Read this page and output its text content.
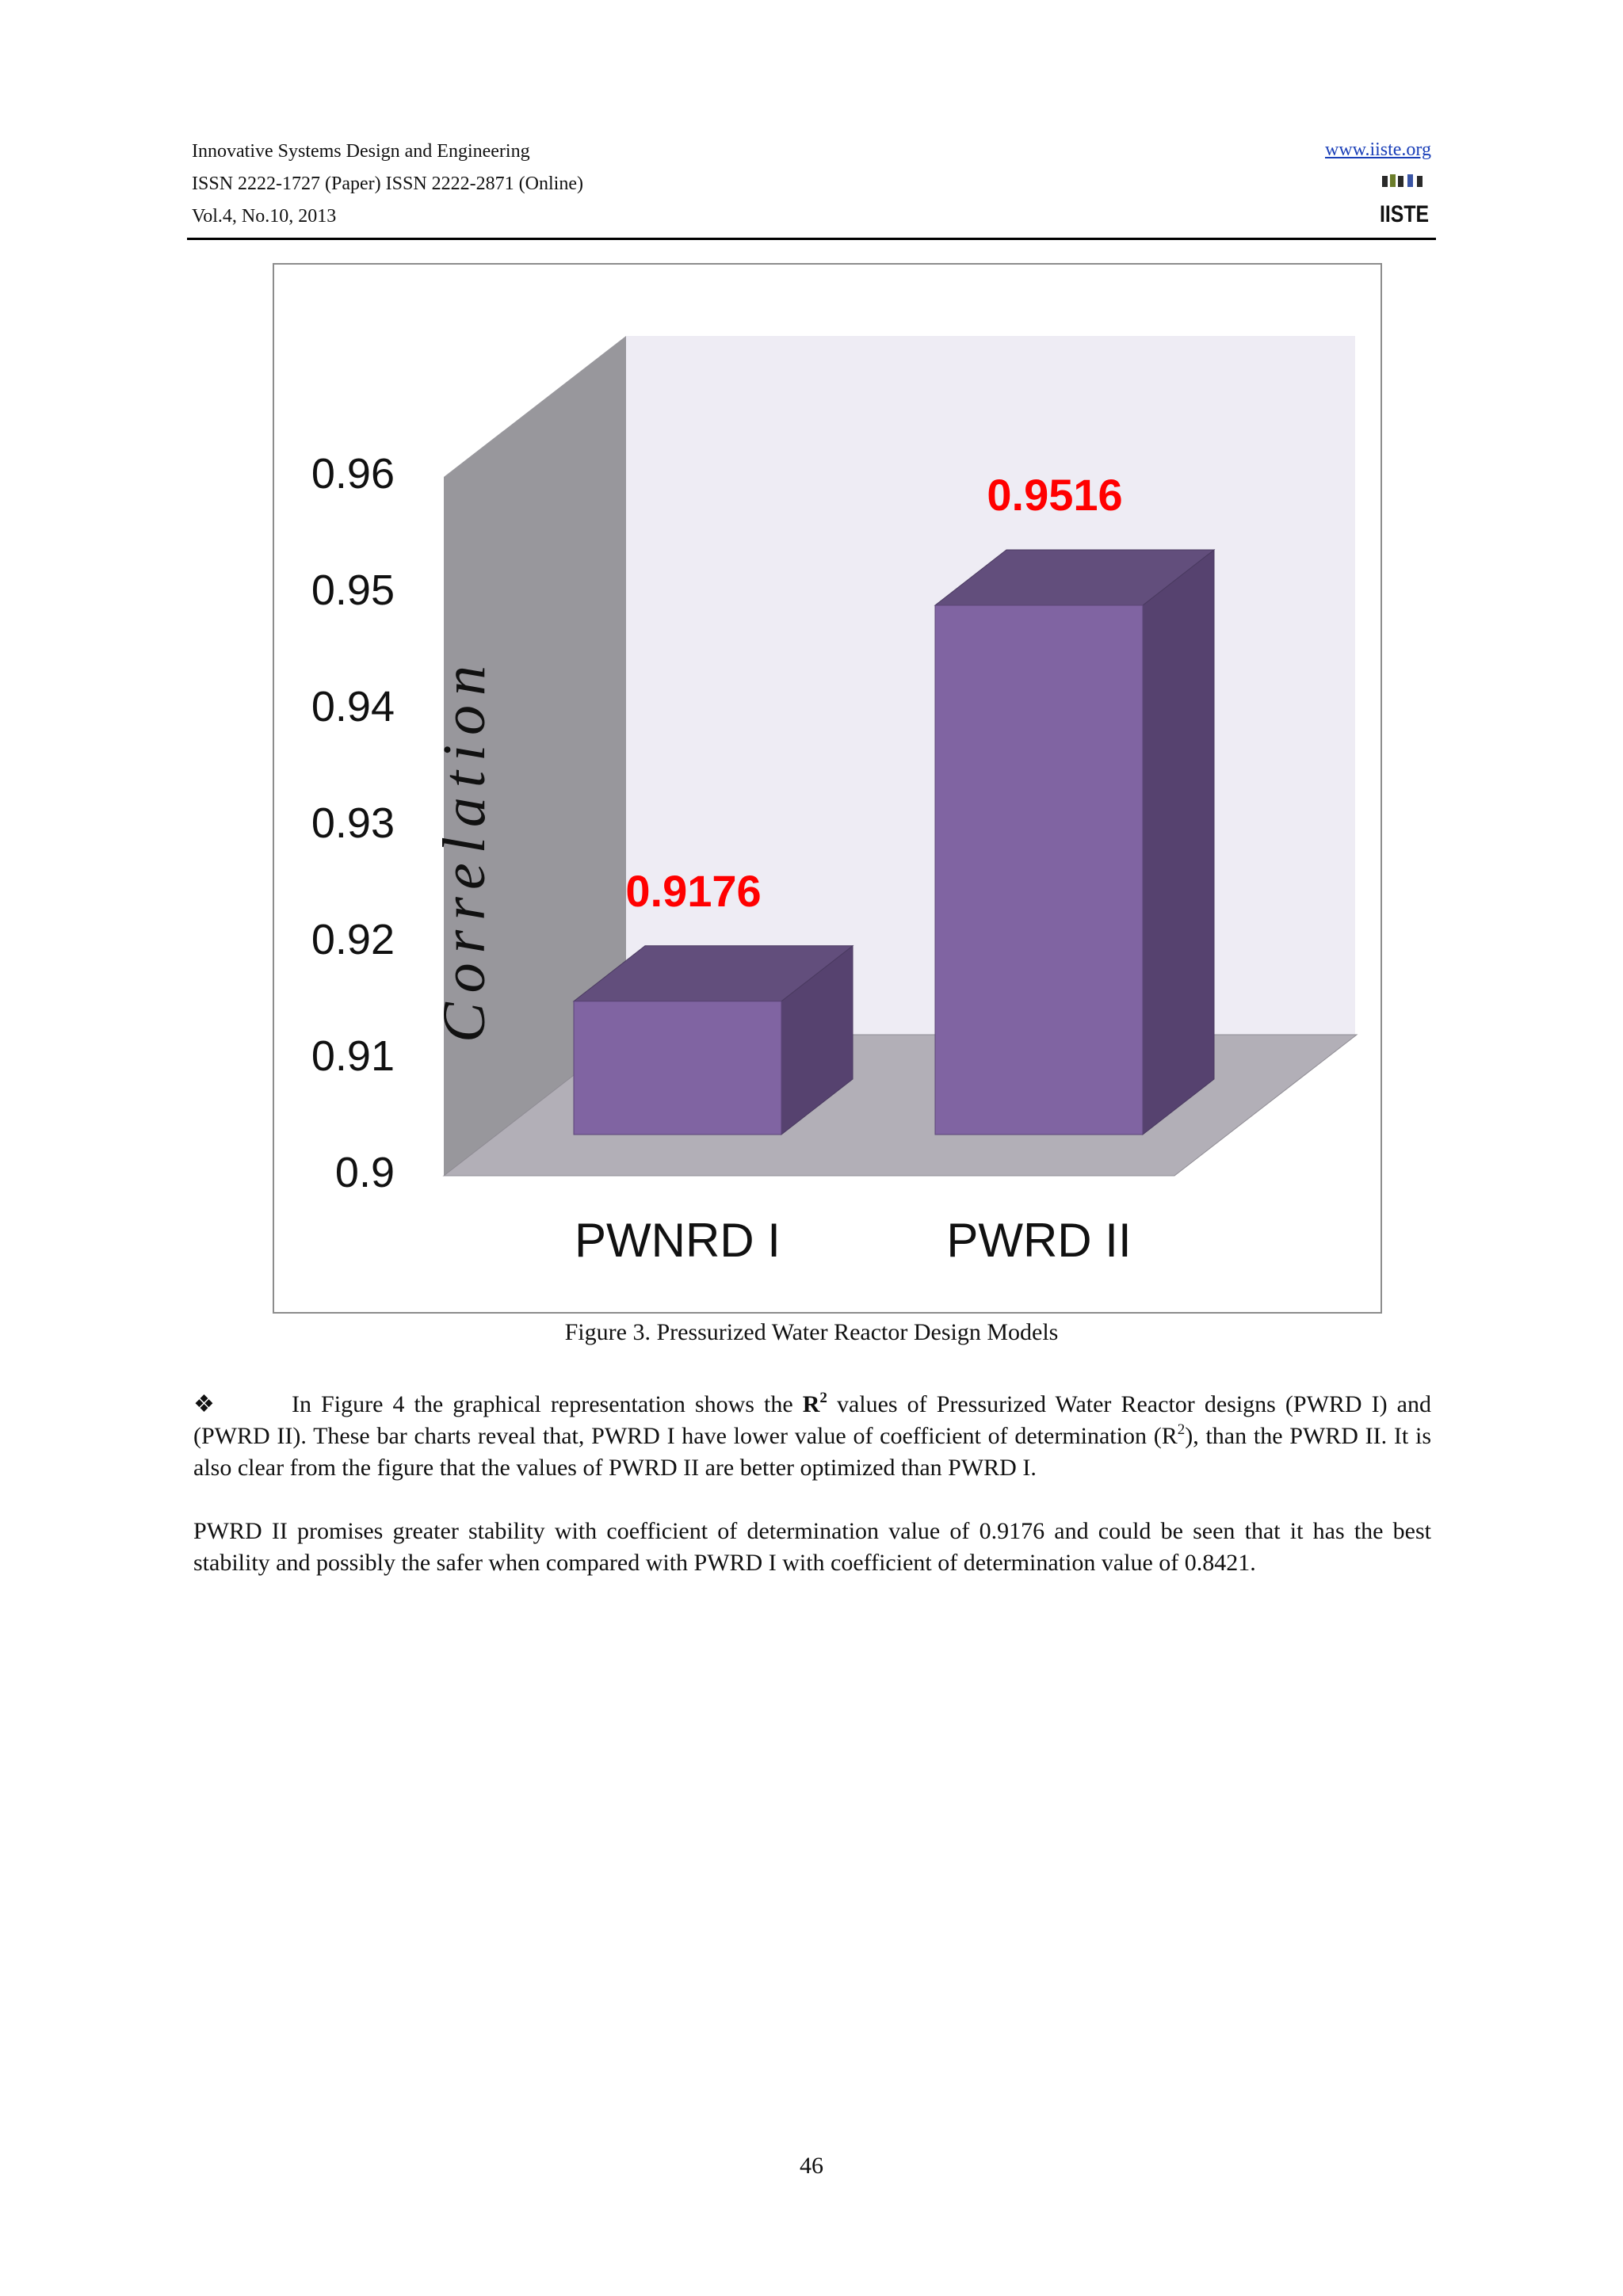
Innovative Systems Design and Engineering
ISSN 2222-1727 (Paper) ISSN 2222-2871 (Online)
Vol.4, No.10, 2013
www.iiste.org
IISTE
0.9
0.91
0.92
0.93
0.94
0.95
0.96
PWNRD I	PWRD II
0.9176
0.9516
Correlation
Figure 3. Pressurized Water Reactor Design Models
❖	In Figure 4 the graphical representation shows the $R^2$ values of Pressurized Water Reactor designs (PWRD I) and (PWRD II). These bar charts reveal that, PWRD I have lower value of coefficient of determination $(R^2)$, than the PWRD II. It is also clear from the figure that the values of PWRD II are better optimized than PWRD I.
PWRD II promises greater stability with coefficient of determination value of 0.9176 and could be seen that it has the best stability and possibly the safer when compared with PWRD I with coefficient of determination value of 0.8421.
46
